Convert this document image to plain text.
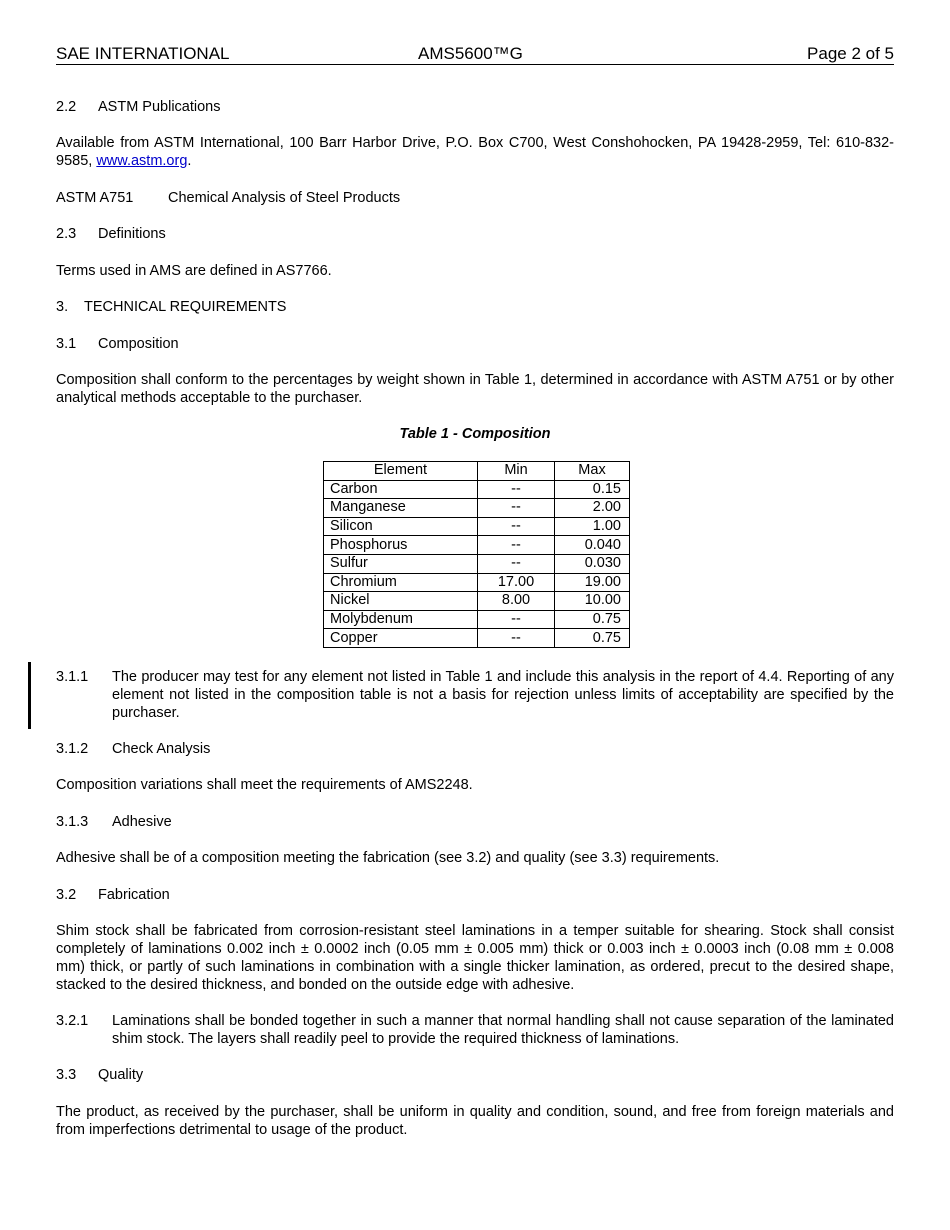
SAE INTERNATIONAL	AMS5600™G	Page 2 of 5
2.2 ASTM Publications
Available from ASTM International, 100 Barr Harbor Drive, P.O. Box C700, West Conshohocken, PA 19428-2959, Tel: 610-832-9585, www.astm.org.
ASTM A751 Chemical Analysis of Steel Products
2.3 Definitions
Terms used in AMS are defined in AS7766.
3. TECHNICAL REQUIREMENTS
3.1 Composition
Composition shall conform to the percentages by weight shown in Table 1, determined in accordance with ASTM A751 or by other analytical methods acceptable to the purchaser.
Table 1 - Composition
Element	Min	Max
Carbon	--	0.15
Manganese	--	2.00
Silicon	--	1.00
Phosphorus	--	0.040
Sulfur	--	0.030
Chromium	17.00	19.00
Nickel	8.00	10.00
Molybdenum	--	0.75
Copper	--	0.75
3.1.1 The producer may test for any element not listed in Table 1 and include this analysis in the report of 4.4. Reporting of any element not listed in the composition table is not a basis for rejection unless limits of acceptability are specified by the purchaser.
3.1.2 Check Analysis
Composition variations shall meet the requirements of AMS2248.
3.1.3 Adhesive
Adhesive shall be of a composition meeting the fabrication (see 3.2) and quality (see 3.3) requirements.
3.2 Fabrication
Shim stock shall be fabricated from corrosion-resistant steel laminations in a temper suitable for shearing. Stock shall consist completely of laminations 0.002 inch ± 0.0002 inch (0.05 mm ± 0.005 mm) thick or 0.003 inch ± 0.0003 inch (0.08 mm ± 0.008 mm) thick, or partly of such laminations in combination with a single thicker lamination, as ordered, precut to the desired shape, stacked to the desired thickness, and bonded on the outside edge with adhesive.
3.2.1 Laminations shall be bonded together in such a manner that normal handling shall not cause separation of the laminated shim stock. The layers shall readily peel to provide the required thickness of laminations.
3.3 Quality
The product, as received by the purchaser, shall be uniform in quality and condition, sound, and free from foreign materials and from imperfections detrimental to usage of the product.
